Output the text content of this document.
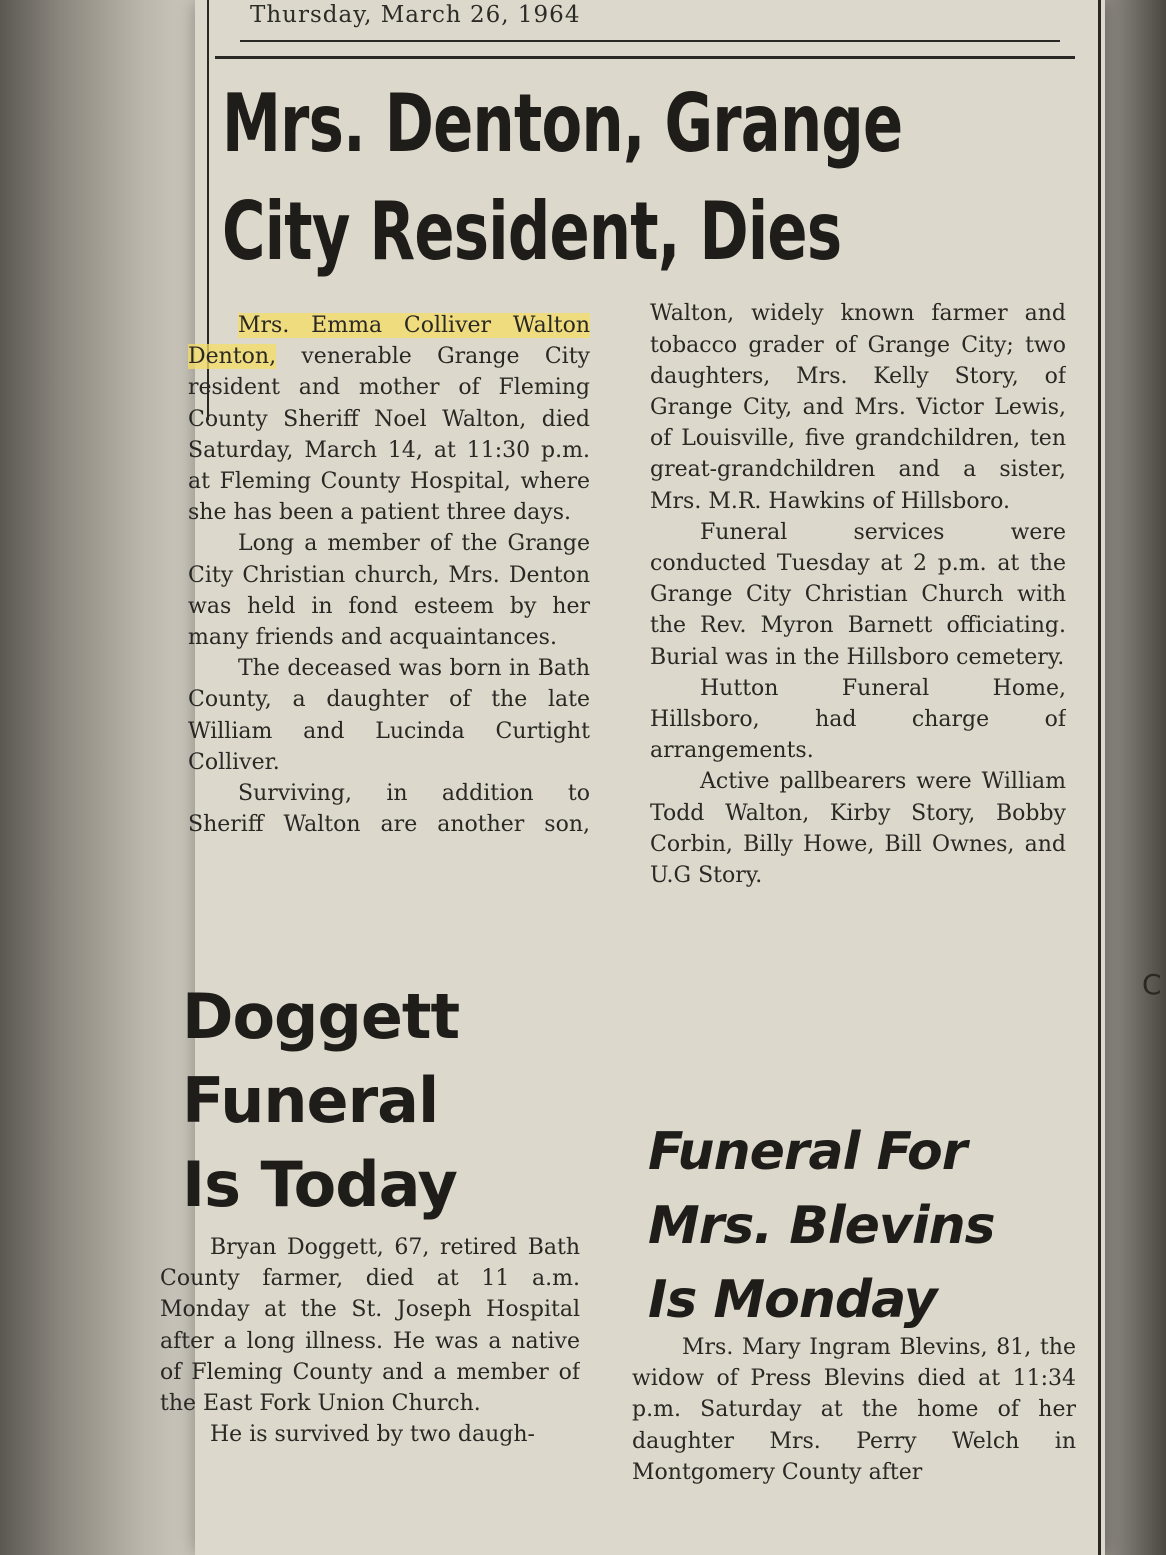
Thursday, March 26, 1964
Mrs. Denton, Grange
City Resident, Dies

Mrs. Emma Colliver Walton Denton, venerable Grange City resident and mother of Fleming County Sheriff Noel Walton, died Saturday, March 14, at 11:30 p.m. at Fleming County Hospital, where she has been a patient three days.

Long a member of the Grange City Christian church, Mrs. Denton was held in fond esteem by her many friends and acquaintances.

The deceased was born in Bath County, a daughter of the late William and Lucinda Curtight Colliver.

Surviving, in addition to Sheriff Walton are another son,

Walton, widely known farmer and tobacco grader of Grange City; two daughters, Mrs. Kelly Story, of Grange City, and Mrs. Victor Lewis, of Louisville, five grandchildren, ten great-grandchildren and a sister, Mrs. M.R. Hawkins of Hillsboro.

Funeral services were conducted Tuesday at 2 p.m. at the Grange City Christian Church with the Rev. Myron Barnett officiating. Burial was in the Hillsboro cemetery.

Hutton Funeral Home, Hillsboro, had charge of arrangements.

Active pallbearers were William Todd Walton, Kirby Story, Bobby Corbin, Billy Howe, Bill Ownes, and U.G Story.

Doggett
Funeral
Is Today

Bryan Doggett, 67, retired Bath County farmer, died at 11 a.m. Monday at the St. Joseph Hospital after a long illness. He was a native of Fleming County and a member of the East Fork Union Church.

He is survived by two daugh-

Funeral For
Mrs. Blevins
Is Monday

Mrs. Mary Ingram Blevins, 81, the widow of Press Blevins died at 11:34 p.m. Saturday at the home of her daughter Mrs. Perry Welch in Montgomery County after

C
